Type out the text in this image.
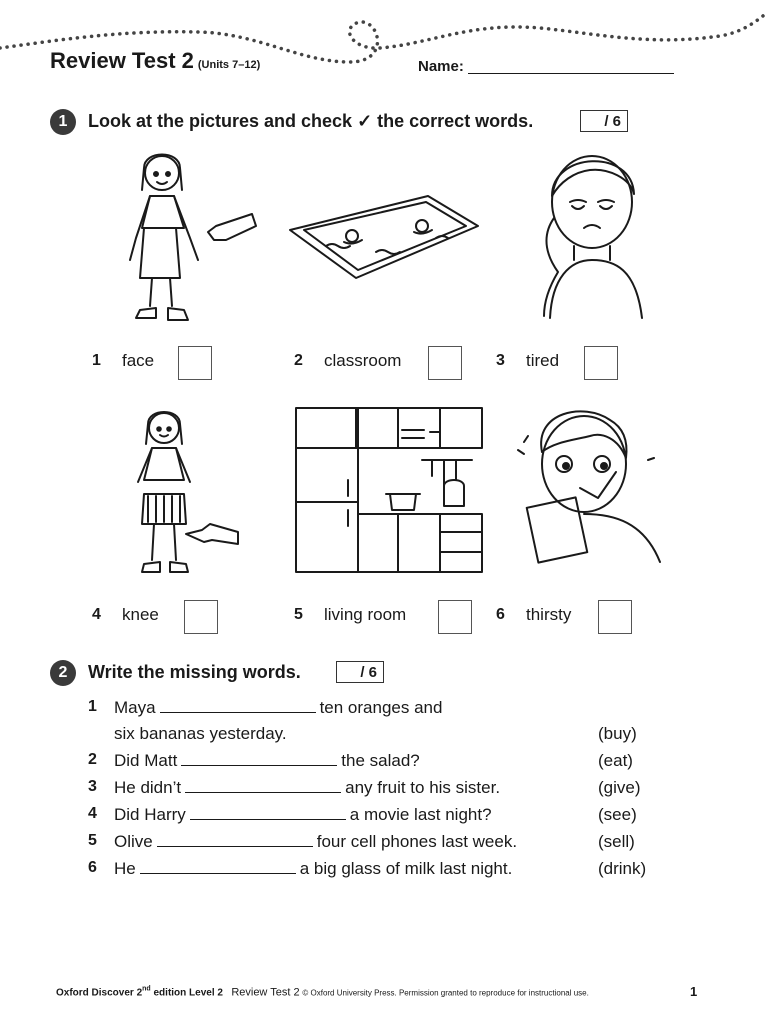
Review Test 2 (Units 7–12)	Name:
1	Look at the pictures and check ✓ the correct words.	/ 6
1 face	2 classroom	3 tired
4 knee	5 living room	6 thirsty
2	Write the missing words.	/ 6
1	Maya	ten oranges and
six bananas yesterday.	(buy)
2	Did Matt	the salad?	(eat)
3	He didn’t	any fruit to his sister.	(give)
4	Did Harry	a movie last night?	(see)
5	Olive	four cell phones last week.	(sell)
6	He	a big glass of milk last night.	(drink)
Oxford Discover 2nd edition Level 2 Review Test 2 © Oxford University Press. Permission granted to reproduce for instructional use.	1
